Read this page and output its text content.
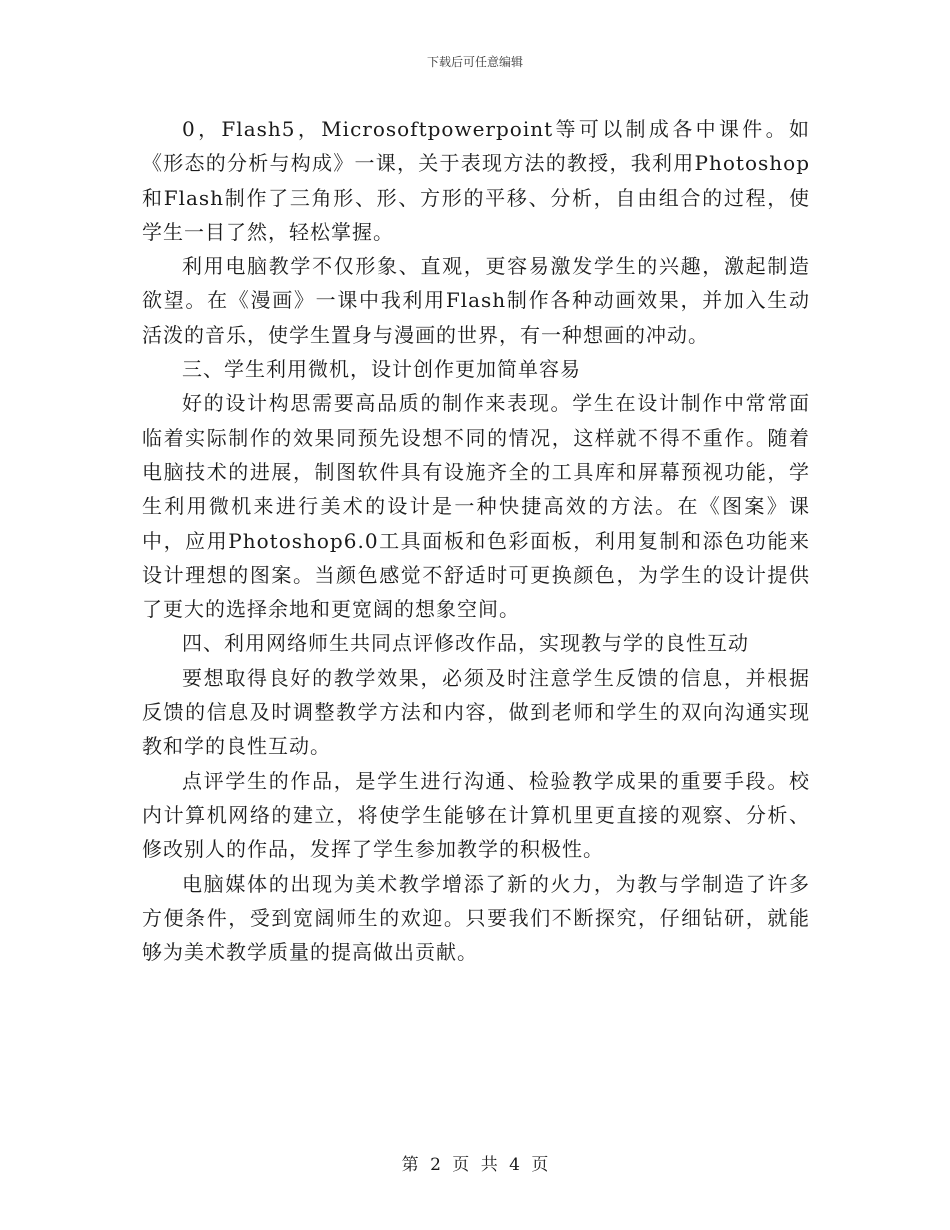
下载后可任意编辑

0，Flash5，Microsoftpowerpoint等可以制成各中课件。如《形态的分析与构成》一课，关于表现方法的教授，我利用Photoshop和Flash制作了三角形、形、方形的平移、分析，自由组合的过程，使学生一目了然，轻松掌握。

利用电脑教学不仅形象、直观，更容易激发学生的兴趣，激起制造欲望。在《漫画》一课中我利用Flash制作各种动画效果，并加入生动活泼的音乐，使学生置身与漫画的世界，有一种想画的冲动。

三、学生利用微机，设计创作更加简单容易

好的设计构思需要高品质的制作来表现。学生在设计制作中常常面临着实际制作的效果同预先设想不同的情况，这样就不得不重作。随着电脑技术的进展，制图软件具有设施齐全的工具库和屏幕预视功能，学生利用微机来进行美术的设计是一种快捷高效的方法。在《图案》课中，应用Photoshop6.0工具面板和色彩面板，利用复制和添色功能来设计理想的图案。当颜色感觉不舒适时可更换颜色，为学生的设计提供了更大的选择余地和更宽阔的想象空间。

四、利用网络师生共同点评修改作品，实现教与学的良性互动

要想取得良好的教学效果，必须及时注意学生反馈的信息，并根据反馈的信息及时调整教学方法和内容，做到老师和学生的双向沟通实现教和学的良性互动。

点评学生的作品，是学生进行沟通、检验教学成果的重要手段。校内计算机网络的建立，将使学生能够在计算机里更直接的观察、分析、修改别人的作品，发挥了学生参加教学的积极性。

电脑媒体的出现为美术教学增添了新的火力，为教与学制造了许多方便条件，受到宽阔师生的欢迎。只要我们不断探究，仔细钻研，就能够为美术教学质量的提高做出贡献。

第 2 页 共 4 页
